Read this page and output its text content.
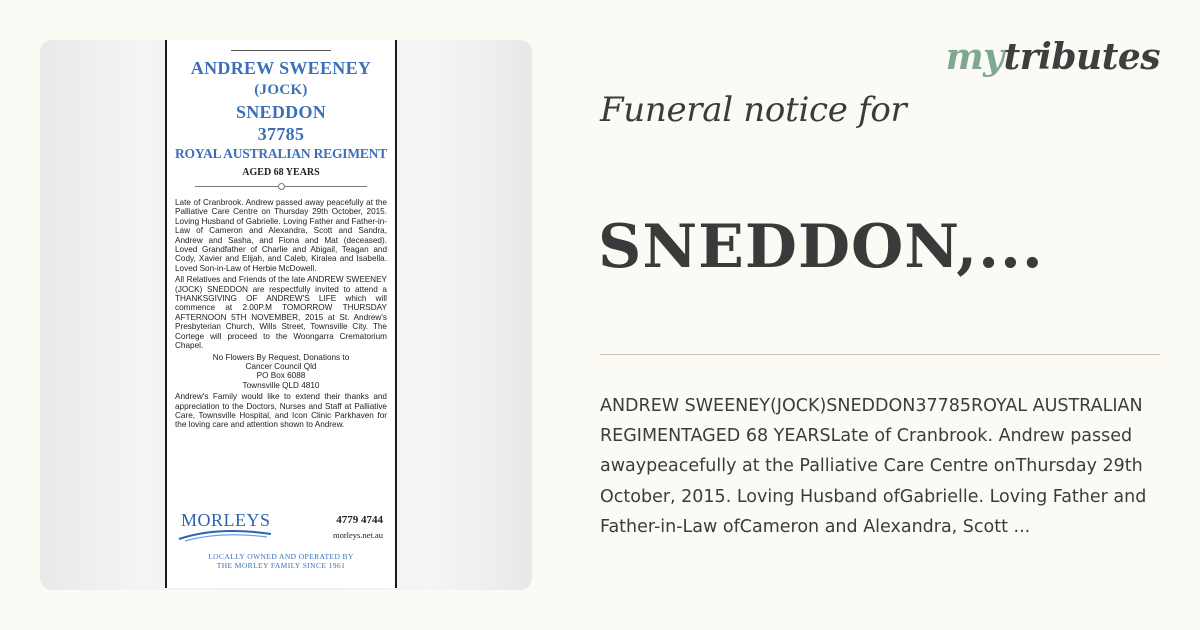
ANDREW SWEENEY
(JOCK)
SNEDDON
37785
ROYAL AUSTRALIAN REGIMENT
AGED 68 YEARS
Late of Cranbrook. Andrew passed away peacefully at the Palliative Care Centre on Thursday 29th October, 2015. Loving Husband of Gabrielle. Loving Father and Father-in-Law of Cameron and Alexandra, Scott and Sandra, Andrew and Sasha, and Fiona and Mat (deceased). Loved Grandfather of Charlie and Abigail, Teagan and Cody, Xavier and Elijah, and Caleb, Kiralea and Isabella. Loved Son-in-Law of Herbie McDowell.
All Relatives and Friends of the late ANDREW SWEENEY (JOCK) SNEDDON are respectfully invited to attend a THANKSGIVING OF ANDREW'S LIFE which will commence at 2.00P.M TOMORROW THURSDAY AFTERNOON 5TH NOVEMBER, 2015 at St. Andrew's Presbyterian Church, Wills Street, Townsville City. The Cortege will proceed to the Woongarra Crematorium Chapel.
No Flowers By Request, Donations to
Cancer Council Qld
PO Box 6088
Townsville QLD 4810
Andrew's Family would like to extend their thanks and appreciation to the Doctors, Nurses and Staff at Palliative Care, Townsville Hospital, and Icon Clinic Parkhaven for the loving care and attention shown to Andrew.
MORLEYS	4779 4744
morleys.net.au
LOCALLY OWNED AND OPERATED BY
THE MORLEY FAMILY SINCE 1961
mytributes
Funeral notice for
SNEDDON,...
ANDREW SWEENEY(JOCK)SNEDDON37785ROYAL AUSTRALIAN REGIMENTAGED 68 YEARSLate of Cranbrook. Andrew passed awaypeacefully at the Palliative Care Centre onThursday 29th October, 2015. Loving Husband ofGabrielle. Loving Father and Father-in-Law ofCameron and Alexandra, Scott ...
